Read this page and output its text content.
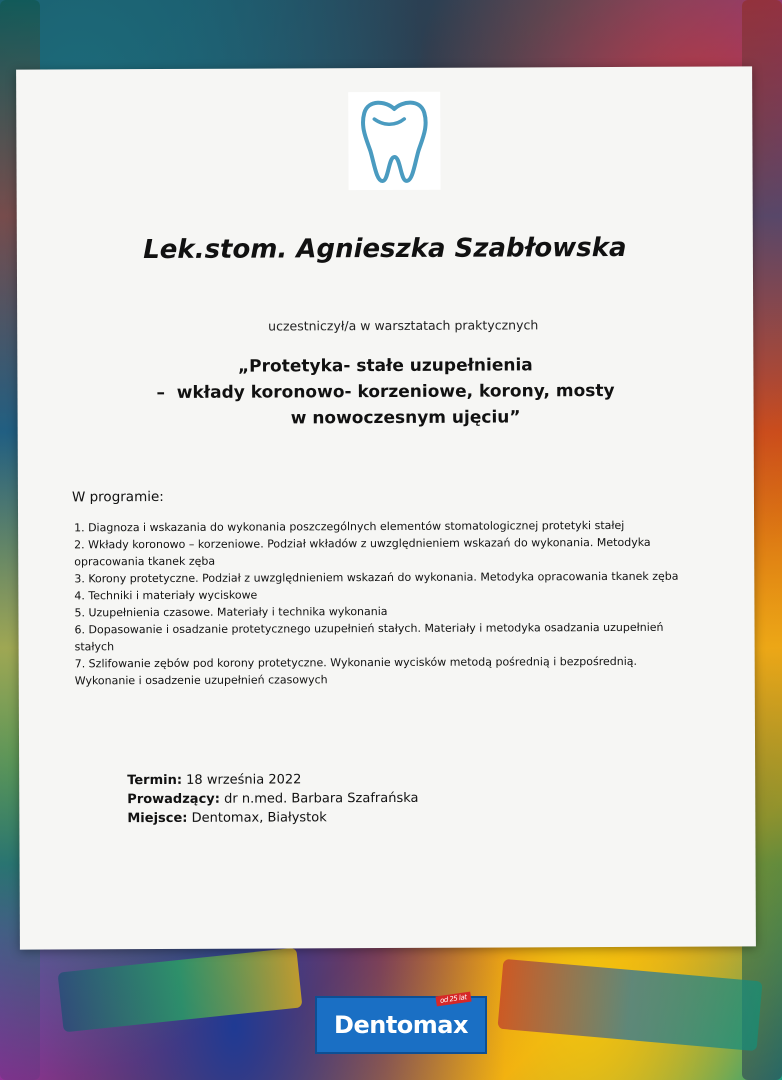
Lek.stom. Agnieszka Szabłowska
uczestniczył/a w warsztatach praktycznych
„Protetyka- stałe uzupełnienia
–  wkłady koronowo- korzeniowe, korony, mosty
w nowoczesnym ujęciu”
W programie:
1. Diagnoza i wskazania do wykonania poszczególnych elementów stomatologicznej protetyki stałej
2. Wkłady koronowo – korzeniowe. Podział wkładów z uwzględnieniem wskazań do wykonania. Metodyka opracowania tkanek zęba
3. Korony protetyczne. Podział z uwzględnieniem wskazań do wykonania. Metodyka opracowania tkanek zęba
4. Techniki i materiały wyciskowe
5. Uzupełnienia czasowe. Materiały i technika wykonania
6. Dopasowanie i osadzanie protetycznego uzupełnień stałych. Materiały i metodyka osadzania uzupełnień stałych
7. Szlifowanie zębów pod korony protetyczne. Wykonanie wycisków metodą pośrednią i bezpośrednią. Wykonanie i osadzenie uzupełnień czasowych
Termin: 18 września 2022
Prowadzący: dr n.med. Barbara Szafrańska
Miejsce: Dentomax, Białystok
od 25 lat
Dentomax
